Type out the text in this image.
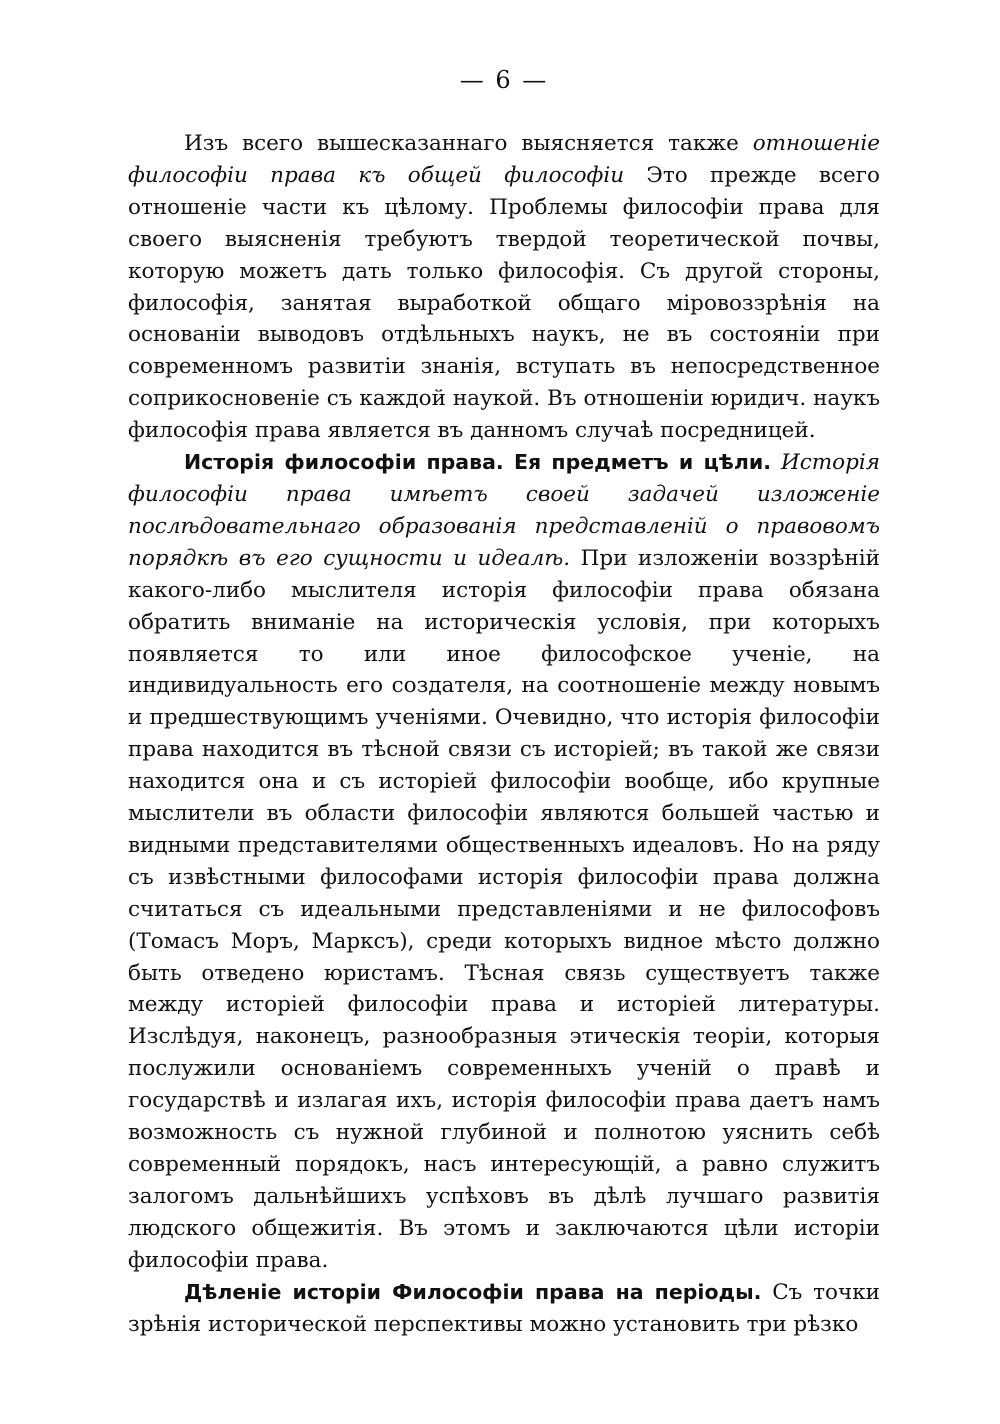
— 6 —

Изъ всего вышесказаннаго выясняется также отношеніе философіи права къ общей философіи Это прежде всего отношеніе части къ цѣлому. Проблемы философіи права для своего выясненія требуютъ твердой теоретической почвы, которую можетъ дать только философія. Съ другой стороны, философія, занятая выработкой общаго міровоззрѣнія на основаніи выводовъ отдѣльныхъ наукъ, не въ состояніи при современномъ развитіи знанія, вступать въ непосредственное соприкосновеніе съ каждой наукой. Въ отношеніи юридич. наукъ философія права является въ данномъ случаѣ посредницей.

Исторія философіи права. Ея предметъ и цѣли. Исторія философіи права имѣетъ своей задачей изложеніе послѣдовательнаго образованія представленій о правовомъ порядкѣ въ его сущности и идеалѣ. При изложеніи воззрѣній какого-либо мыслителя исторія философіи права обязана обратить вниманіе на историческія условія, при которыхъ появляется то или иное философское ученіе, на индивидуальность его создателя, на соотношеніе между новымъ и предшествующимъ ученіями. Очевидно, что исторія философіи права находится въ тѣсной связи съ исторіей; въ такой же связи находится она и съ исторіей философіи вообще, ибо крупные мыслители въ области философіи являются большей частью и видными представителями общественныхъ идеаловъ. Но на ряду съ извѣстными философами исторія философіи права должна считаться съ идеальными представленіями и не философовъ (Томасъ Моръ, Марксъ), среди которыхъ видное мѣсто должно быть отведено юристамъ. Тѣсная связь существуетъ также между исторіей философіи права и исторіей литературы. Изслѣдуя, наконецъ, разнообразныя этическія теоріи, которыя послужили основаніемъ современныхъ ученій о правѣ и государствѣ и излагая ихъ, исторія философіи права даетъ намъ возможность съ нужной глубиной и полнотою уяснить себѣ современный порядокъ, насъ интересующій, а равно служитъ залогомъ дальнѣйшихъ успѣховъ въ дѣлѣ лучшаго развитія людского общежитія. Въ этомъ и заключаются цѣли исторіи философіи права.

Дѣленіе исторіи Философіи права на періоды. Съ точки зрѣнія исторической перспективы можно установить три рѣзко
